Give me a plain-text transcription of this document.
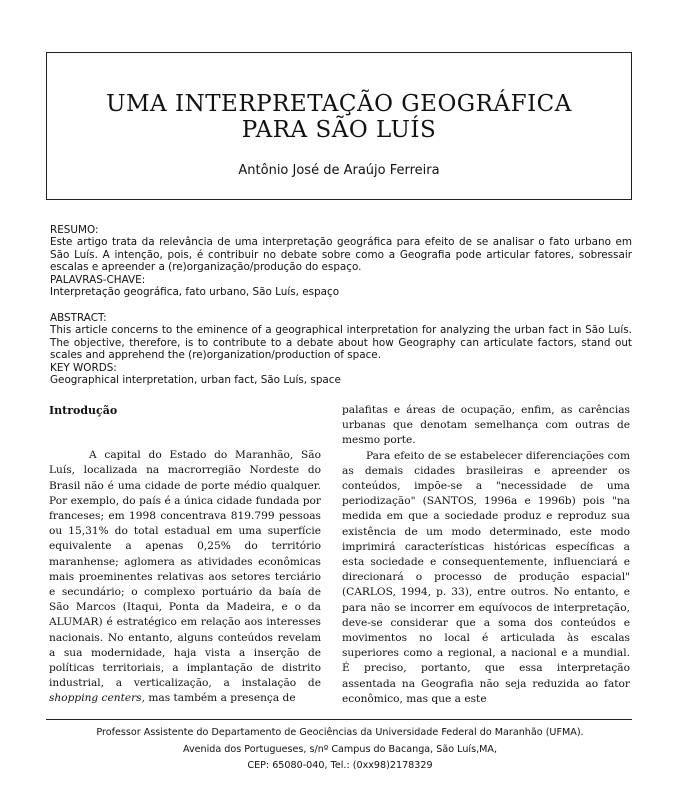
UMA INTERPRETAÇÃO GEOGRÁFICA
PARA SÃO LUÍS
Antônio José de Araújo Ferreira

RESUMO:

Este artigo trata da relevância de uma interpretação geográfica para efeito de se analisar o fato urbano em São Luís. A intenção, pois, é contribuir no debate sobre como a Geografia pode articular fatores, sobressair escalas e apreender a (re)organização/produção do espaço.

PALAVRAS-CHAVE:

Interpretação geográfica, fato urbano, São Luís, espaço

ABSTRACT:

This article concerns to the eminence of a geographical interpretation for analyzing the urban fact in São Luís. The objective, therefore, is to contribute to a debate about how Geography can articulate factors, stand out scales and apprehend the (re)organization/production of space.

KEY WORDS:

Geographical interpretation, urban fact, São Luís, space

Introdução

A capital do Estado do Maranhão, São Luís, localizada na macrorregião Nordeste do Brasil não é uma cidade de porte médio qualquer. Por exemplo, do país é a única cidade fundada por franceses; em 1998 concentrava 819.799 pessoas ou 15,31% do total estadual em uma superfície equivalente a apenas 0,25% do território maranhense; aglomera as atividades econômicas mais proeminentes relativas aos setores terciário e secundário; o complexo portuário da baía de São Marcos (Itaqui, Ponta da Madeira, e o da ALUMAR) é estratégico em relação aos interesses nacionais. No entanto, alguns conteúdos revelam a sua modernidade, haja vista a inserção de políticas territoriais, a implantação de distrito industrial, a verticalização, a instalação de shopping centers, mas também a presença de

palafitas e áreas de ocupação, enfim, as carências urbanas que denotam semelhança com outras de mesmo porte.

Para efeito de se estabelecer diferenciações com as demais cidades brasileiras e apreender os conteúdos, impõe-se a "necessidade de uma periodização" (SANTOS, 1996a e 1996b) pois "na medida em que a sociedade produz e reproduz sua existência de um modo determinado, este modo imprimirá características históricas específicas a esta sociedade e consequentemente, influenciará e direcionará o processo de produção espacial" (CARLOS, 1994, p. 33), entre outros. No entanto, e para não se incorrer em equívocos de interpretação, deve-se considerar que a soma dos conteúdos e movimentos no local é articulada às escalas superiores como a regional, a nacional e a mundial. É preciso, portanto, que essa interpretação assentada na Geografia não seja reduzida ao fator econômico, mas que a este

Professor Assistente do Departamento de Geociências da Universidade Federal do Maranhão (UFMA).
Avenida dos Portugueses, s/nº Campus do Bacanga, São Luís,MA,
CEP: 65080-040, Tel.: (0xx98)2178329
